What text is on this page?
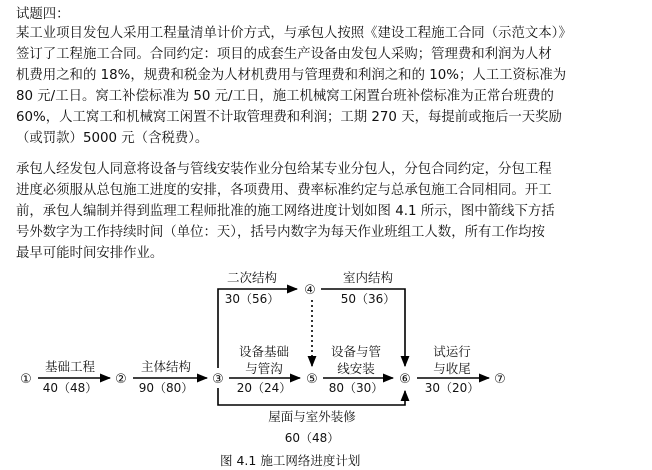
试题四：
某工业项目发包人采用工程量清单计价方式，与承包人按照《建设工程施工合同（示范文本）》
签订了工程施工合同。合同约定：项目的成套生产设备由发包人采购；管理费和利润为人材
机费用之和的 18%，规费和税金为人材机费用与管理费和利润之和的 10%；人工工资标准为
80 元/工日。窝工补偿标准为 50 元/工日，施工机械窝工闲置台班补偿标准为正常台班费的
60%，人工窝工和机械窝工闲置不计取管理费和利润；工期 270 天，每提前或拖后一天奖励
（或罚款）5000 元（含税费）。
承包人经发包人同意将设备与管线安装作业分包给某专业分包人，分包合同约定，分包工程
进度必须服从总包施工进度的安排，各项费用、费率标准约定与总承包施工合同相同。开工
前，承包人编制并得到监理工程师批准的施工网络进度计划如图 4.1 所示，图中箭线下方括
号外数字为工作持续时间（单位：天），括号内数字为每天作业班组工人数，所有工作均按
最早可能时间安排作业。
①	②	③
④
⑤	⑥	⑦
基础工程
40（48）
主体结构
90（80）
二次结构
30（56）
室内结构
50（36）
设备基础
与管沟
20（24）
设备与管
线安装
80（30）
试运行
与收尾
30（20）
屋面与室外装修
60（48）
图 4.1 施工网络进度计划
